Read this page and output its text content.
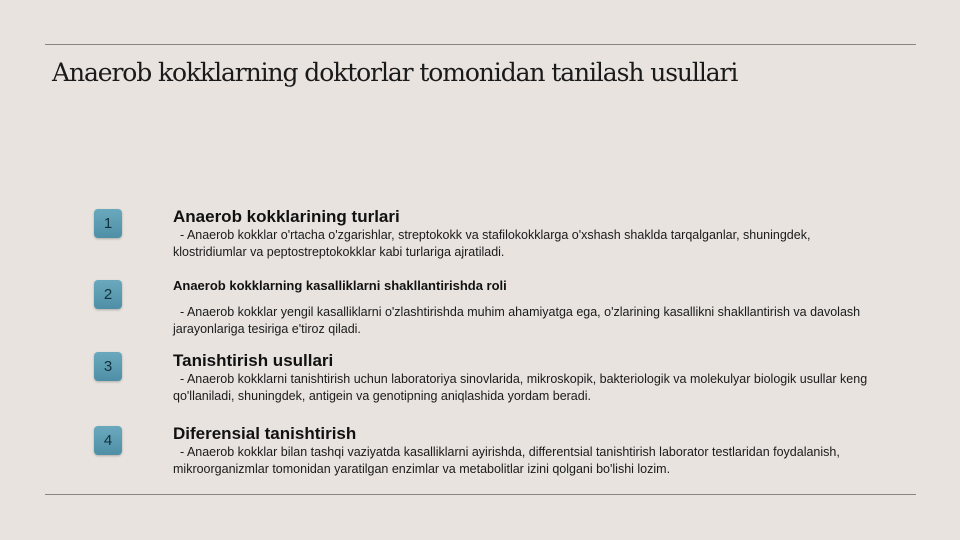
Anaerob kokklarning doktorlar tomonidan tanilash usullari
1	Anaerob kokklarining turlari
- Anaerob kokklar o'rtacha o'zgarishlar, streptokokk va stafilokokklarga o'xshash shaklda tarqalganlar, shuningdek, klostridiumlar va peptostreptokokklar kabi turlariga ajratiladi.
2
Anaerob kokklarning kasalliklarni shakllantirishda roli
- Anaerob kokklar yengil kasalliklarni o'zlashtirishda muhim ahamiyatga ega, o'zlarining kasallikni shakllantirish va davolash jarayonlariga tesiriga e'tiroz qiladi.
3	Tanishtirish usullari
- Anaerob kokklarni tanishtirish uchun laboratoriya sinovlarida, mikroskopik, bakteriologik va molekulyar biologik usullar keng qo'llaniladi, shuningdek, antigein va genotipning aniqlashida yordam beradi.
4	Diferensial tanishtirish
- Anaerob kokklar bilan tashqi vaziyatda kasalliklarni ayirishda, differentsial tanishtirish laborator testlaridan foydalanish, mikroorganizmlar tomonidan yaratilgan enzimlar va metabolitlar izini qolgani bo'lishi lozim.
